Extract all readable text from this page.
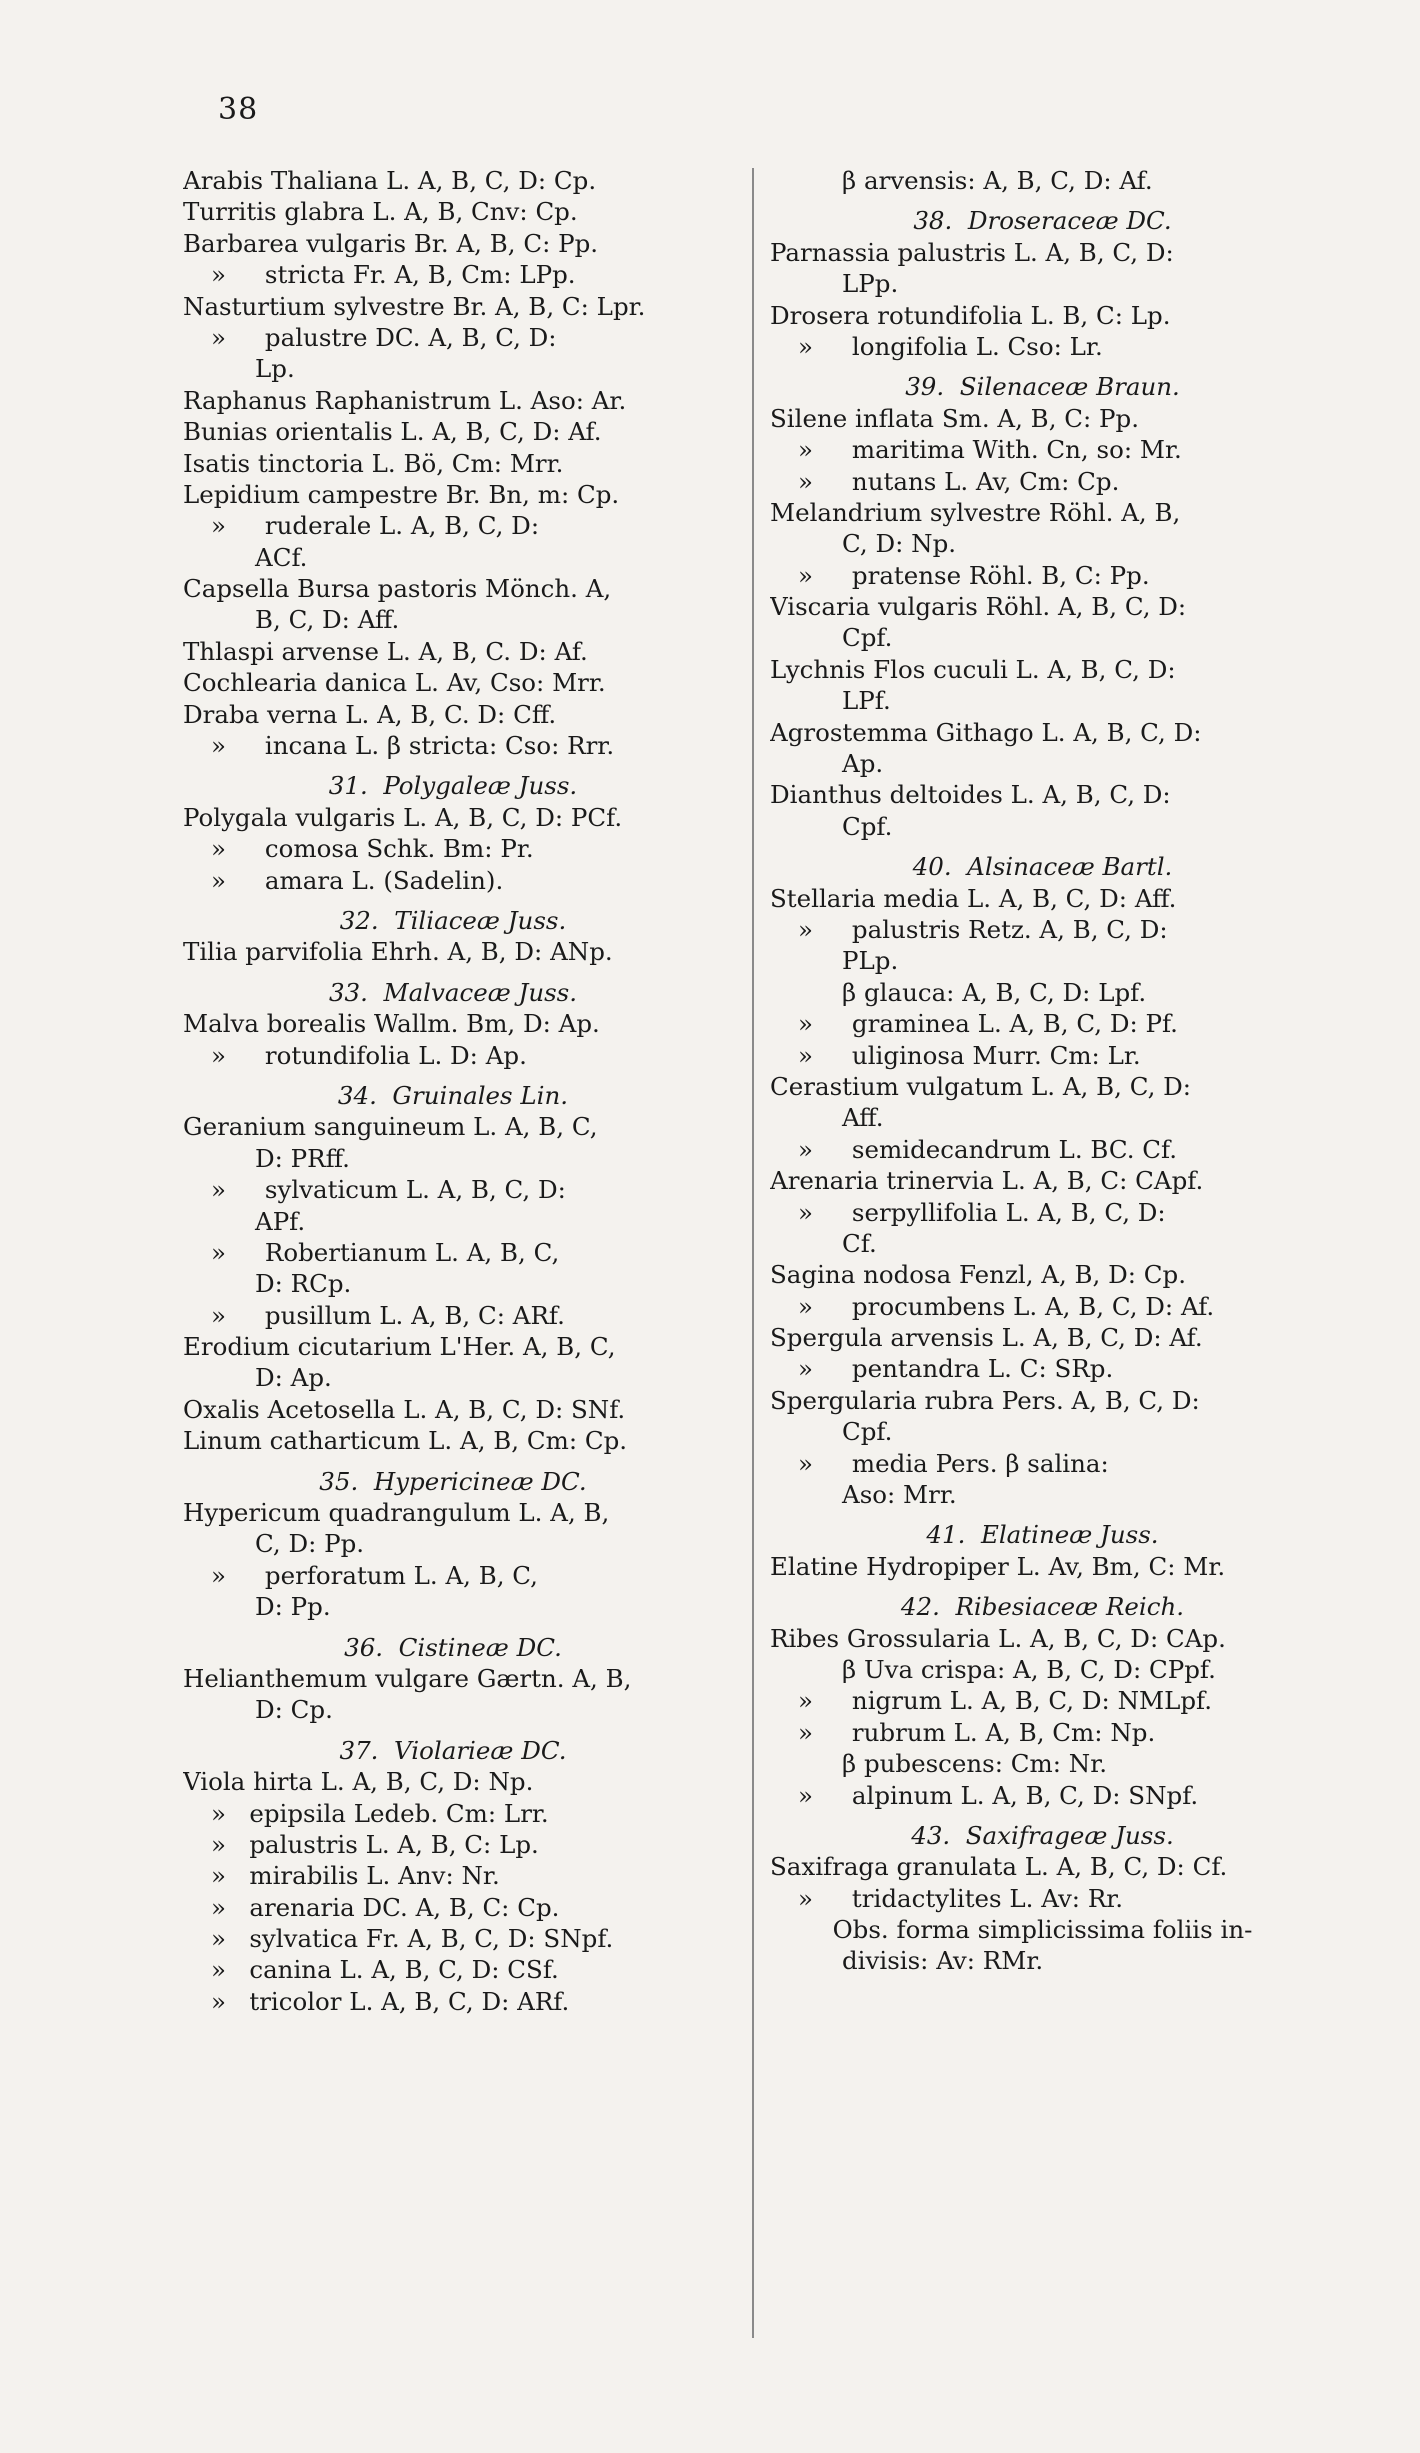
38
Arabis Thaliana L. A, B, C, D: Cp.
Turritis glabra L. A, B, Cnv: Cp.
Barbarea vulgaris Br. A, B, C: Pp.
»     stricta Fr. A, B, Cm: LPp.
Nasturtium sylvestre Br. A, B, C: Lpr.
»     palustre DC. A, B, C, D:
Lp.
Raphanus Raphanistrum L. Aso: Ar.
Bunias orientalis L. A, B, C, D: Af.
Isatis tinctoria L. Bö, Cm: Mrr.
Lepidium campestre Br. Bn, m: Cp.
»     ruderale L. A, B, C, D:
ACf.
Capsella Bursa pastoris Mönch. A,
B, C, D: Aff.
Thlaspi arvense L. A, B, C. D: Af.
Cochlearia danica L. Av, Cso: Mrr.
Draba verna L. A, B, C. D: Cff.
»     incana L. β stricta: Cso: Rrr.
31.  Polygaleæ Juss.
Polygala vulgaris L. A, B, C, D: PCf.
»     comosa Schk. Bm: Pr.
»     amara L. (Sadelin).
32.  Tiliaceæ Juss.
Tilia parvifolia Ehrh. A, B, D: ANp.
33.  Malvaceæ Juss.
Malva borealis Wallm. Bm, D: Ap.
»     rotundifolia L. D: Ap.
34.  Gruinales Lin.
Geranium sanguineum L. A, B, C,
D: PRff.
»     sylvaticum L. A, B, C, D:
APf.
»     Robertianum L. A, B, C,
D: RCp.
»     pusillum L. A, B, C: ARf.
Erodium cicutarium L'Her. A, B, C,
D: Ap.
Oxalis Acetosella L. A, B, C, D: SNf.
Linum catharticum L. A, B, Cm: Cp.
35.  Hypericineæ DC.
Hypericum quadrangulum L. A, B,
C, D: Pp.
»     perforatum L. A, B, C,
D: Pp.
36.  Cistineæ DC.
Helianthemum vulgare Gærtn. A, B,
D: Cp.
37.  Violarieæ DC.
Viola hirta L. A, B, C, D: Np.
»   epipsila Ledeb. Cm: Lrr.
»   palustris L. A, B, C: Lp.
»   mirabilis L. Anv: Nr.
»   arenaria DC. A, B, C: Cp.
»   sylvatica Fr. A, B, C, D: SNpf.
»   canina L. A, B, C, D: CSf.
»   tricolor L. A, B, C, D: ARf.
β arvensis: A, B, C, D: Af.
38.  Droseraceæ DC.
Parnassia palustris L. A, B, C, D:
LPp.
Drosera rotundifolia L. B, C: Lp.
»     longifolia L. Cso: Lr.
39.  Silenaceæ Braun.
Silene inflata Sm. A, B, C: Pp.
»     maritima With. Cn, so: Mr.
»     nutans L. Av, Cm: Cp.
Melandrium sylvestre Röhl. A, B,
C, D: Np.
»     pratense Röhl. B, C: Pp.
Viscaria vulgaris Röhl. A, B, C, D:
Cpf.
Lychnis Flos cuculi L. A, B, C, D:
LPf.
Agrostemma Githago L. A, B, C, D:
Ap.
Dianthus deltoides L. A, B, C, D:
Cpf.
40.  Alsinaceæ Bartl.
Stellaria media L. A, B, C, D: Aff.
»     palustris Retz. A, B, C, D:
PLp.
β glauca: A, B, C, D: Lpf.
»     graminea L. A, B, C, D: Pf.
»     uliginosa Murr. Cm: Lr.
Cerastium vulgatum L. A, B, C, D:
Aff.
»     semidecandrum L. BC. Cf.
Arenaria trinervia L. A, B, C: CApf.
»     serpyllifolia L. A, B, C, D:
Cf.
Sagina nodosa Fenzl, A, B, D: Cp.
»     procumbens L. A, B, C, D: Af.
Spergula arvensis L. A, B, C, D: Af.
»     pentandra L. C: SRp.
Spergularia rubra Pers. A, B, C, D:
Cpf.
»     media Pers. β salina:
Aso: Mrr.
41.  Elatineæ Juss.
Elatine Hydropiper L. Av, Bm, C: Mr.
42.  Ribesiaceæ Reich.
Ribes Grossularia L. A, B, C, D: CAp.
β Uva crispa: A, B, C, D: CPpf.
»     nigrum L. A, B, C, D: NMLpf.
»     rubrum L. A, B, Cm: Np.
β pubescens: Cm: Nr.
»     alpinum L. A, B, C, D: SNpf.
43.  Saxifrageæ Juss.
Saxifraga granulata L. A, B, C, D: Cf.
»     tridactylites L. Av: Rr.
Obs. forma simplicissima foliis in-
divisis: Av: RMr.
